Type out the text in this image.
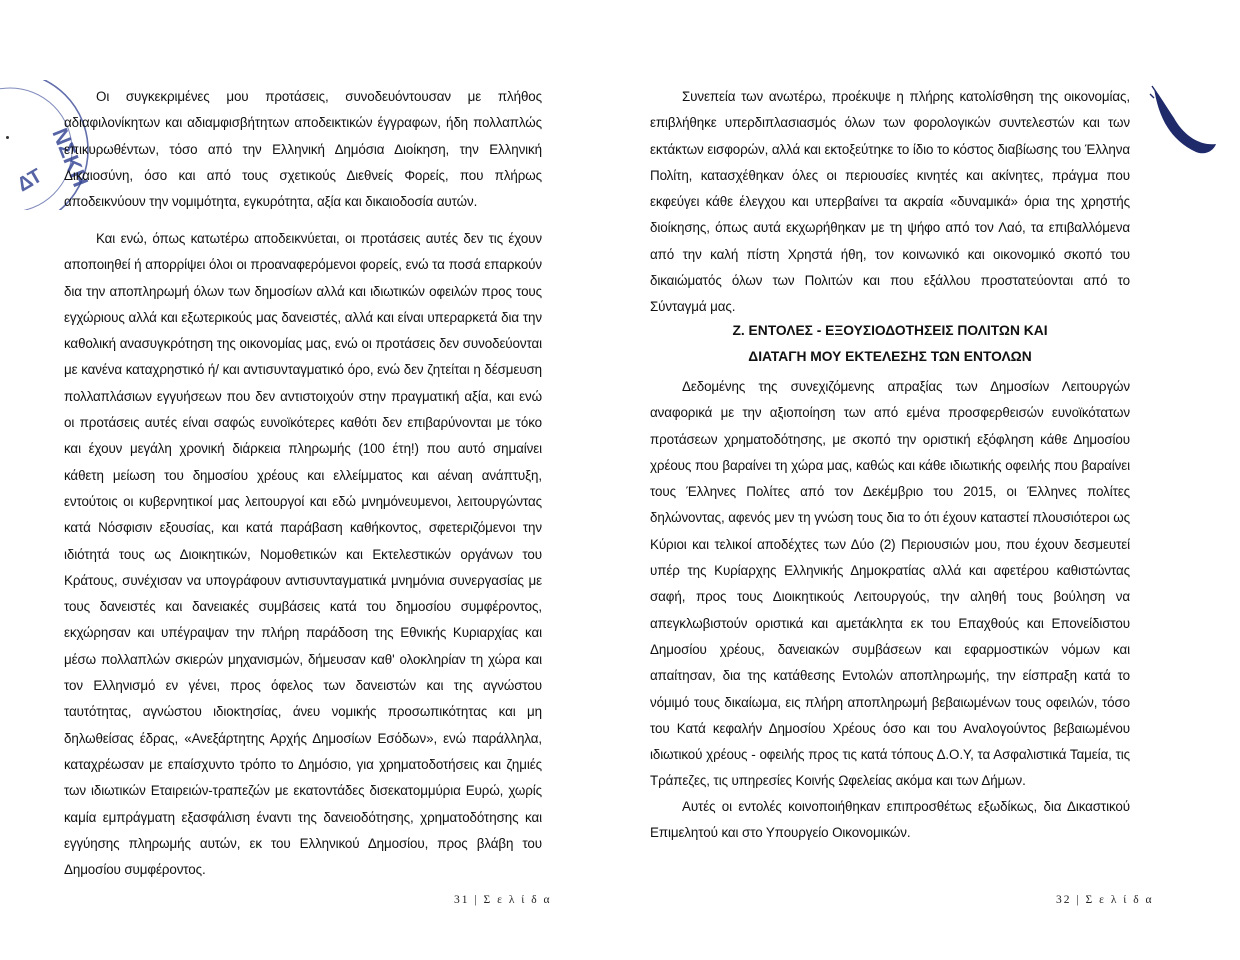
ΝΣΚΗ
ΔΤ

Οι συγκεκριμένες μου προτάσεις, συνοδευόντουσαν με πλήθος αδιαφιλονίκητων και αδιαμφισβήτητων αποδεικτικών έγγραφων, ήδη πολλαπλώς επικυρωθέντων, τόσο από την Ελληνική Δημόσια Διοίκηση, την Ελληνική Δικαιοσύνη, όσο και από τους σχετικούς Διεθνείς Φορείς, που πλήρως αποδεικνύουν την νομιμότητα, εγκυρότητα, αξία και δικαιοδοσία αυτών.

Και ενώ, όπως κατωτέρω αποδεικνύεται, οι προτάσεις αυτές δεν τις έχουν αποποιηθεί ή απορρίψει όλοι οι προαναφερόμενοι φορείς, ενώ τα ποσά επαρκούν δια την αποπληρωμή όλων των δημοσίων αλλά και ιδιωτικών οφειλών προς τους εγχώριους αλλά και εξωτερικούς μας δανειστές, αλλά και είναι υπεραρκετά δια την καθολική ανασυγκρότηση της οικονομίας μας, ενώ οι προτάσεις δεν συνοδεύονται με κανένα καταχρηστικό ή/ και αντισυνταγματικό όρο, ενώ δεν ζητείται η δέσμευση πολλαπλάσιων εγγυήσεων που δεν αντιστοιχούν στην πραγματική αξία, και ενώ οι προτάσεις αυτές είναι σαφώς ευνοϊκότερες καθότι δεν επιβαρύνονται με τόκο και έχουν μεγάλη χρονική διάρκεια πληρωμής (100 έτη!) που αυτό σημαίνει κάθετη μείωση του δημοσίου χρέους και ελλείμματος και αέναη ανάπτυξη, εντούτοις οι κυβερνητικοί μας λειτουργοί και εδώ μνημόνευμενοι, λειτουργώντας κατά Νόσφισιν εξουσίας, και κατά παράβαση καθήκοντος, σφετεριζόμενοι την ιδιότητά τους ως Διοικητικών, Νομοθετικών και Εκτελεστικών οργάνων του Κράτους, συνέχισαν να υπογράφουν αντισυνταγματικά μνημόνια συνεργασίας με τους δανειστές και δανειακές συμβάσεις κατά του δημοσίου συμφέροντος, εκχώρησαν και υπέγραψαν την πλήρη παράδοση της Εθνικής Κυριαρχίας και μέσω πολλαπλών σκιερών μηχανισμών, δήμευσαν καθ' ολοκληρίαν τη χώρα και τον Ελληνισμό εν γένει, προς όφελος των δανειστών και της αγνώστου ταυτότητας, αγνώστου ιδιοκτησίας, άνευ νομικής προσωπικότητας και μη δηλωθείσας έδρας, «Ανεξάρτητης Αρχής Δημοσίων Εσόδων», ενώ παράλληλα, καταχρέωσαν με επαίσχυντο τρόπο το Δημόσιο, για χρηματοδοτήσεις και ζημιές των ιδιωτικών Εταιρειών-τραπεζών με εκατοντάδες δισεκατομμύρια Ευρώ, χωρίς καμία εμπράγματη εξασφάλιση έναντι της δανειοδότησης, χρηματοδότησης και εγγύησης πληρωμής αυτών, εκ του Ελληνικού Δημοσίου, προς βλάβη του Δημοσίου συμφέροντος.

31 | Σ ε λ ί δ α

Συνεπεία των ανωτέρω, προέκυψε η πλήρης κατολίσθηση της οικονομίας, επιβλήθηκε υπερδιπλασιασμός όλων των φορολογικών συντελεστών και των εκτάκτων εισφορών, αλλά και εκτοξεύτηκε το ίδιο το κόστος διαβίωσης του Έλληνα Πολίτη, κατασχέθηκαν όλες οι περιουσίες κινητές και ακίνητες, πράγμα που εκφεύγει κάθε έλεγχου και υπερβαίνει τα ακραία «δυναμικά» όρια της χρηστής διοίκησης, όπως αυτά εκχωρήθηκαν με τη ψήφο από τον Λαό, τα επιβαλλόμενα από την καλή πίστη Χρηστά ήθη, τον κοινωνικό και οικονομικό σκοπό του δικαιώματός όλων των Πολιτών και που εξάλλου προστατεύονται από το Σύνταγμά μας.

Ζ. ΕΝΤΟΛΕΣ - ΕΞΟΥΣΙΟΔΟΤΗΣΕΙΣ ΠΟΛΙΤΩΝ ΚΑΙ
ΔΙΑΤΑΓΗ ΜΟΥ ΕΚΤΕΛΕΣΗΣ ΤΩΝ ΕΝΤΟΛΩΝ

Δεδομένης της συνεχιζόμενης απραξίας των Δημοσίων Λειτουργών αναφορικά με την αξιοποίηση των από εμένα προσφερθεισών ευνοϊκότατων προτάσεων χρηματοδότησης, με σκοπό την οριστική εξόφληση κάθε Δημοσίου χρέους που βαραίνει τη χώρα μας, καθώς και κάθε ιδιωτικής οφειλής που βαραίνει τους Έλληνες Πολίτες από τον Δεκέμβριο του 2015, οι Έλληνες πολίτες δηλώνοντας, αφενός μεν τη γνώση τους δια το ότι έχουν καταστεί πλουσιότεροι ως Κύριοι και τελικοί αποδέχτες των Δύο (2) Περιουσιών μου, που έχουν δεσμευτεί υπέρ της Κυρίαρχης Ελληνικής Δημοκρατίας αλλά και αφετέρου καθιστώντας σαφή, προς τους Διοικητικούς Λειτουργούς, την αληθή τους βούληση να απεγκλωβιστούν οριστικά και αμετάκλητα εκ του Επαχθούς και Επονείδιστου Δημοσίου χρέους, δανειακών συμβάσεων και εφαρμοστικών νόμων και απαίτησαν, δια της κατάθεσης Εντολών αποπληρωμής, την είσπραξη κατά το νόμιμό τους δικαίωμα, εις πλήρη αποπληρωμή βεβαιωμένων τους οφειλών, τόσο του Κατά κεφαλήν Δημοσίου Χρέους όσο και του Αναλογούντος βεβαιωμένου ιδιωτικού χρέους - οφειλής προς τις κατά τόπους Δ.Ο.Υ, τα Ασφαλιστικά Ταμεία, τις Τράπεζες, τις υπηρεσίες Κοινής Ωφελείας ακόμα και των Δήμων.

Αυτές οι εντολές κοινοποιήθηκαν επιπροσθέτως εξωδίκως, δια Δικαστικού Επιμελητού και στο Υπουργείο Οικονομικών.

32 | Σ ε λ ί δ α
